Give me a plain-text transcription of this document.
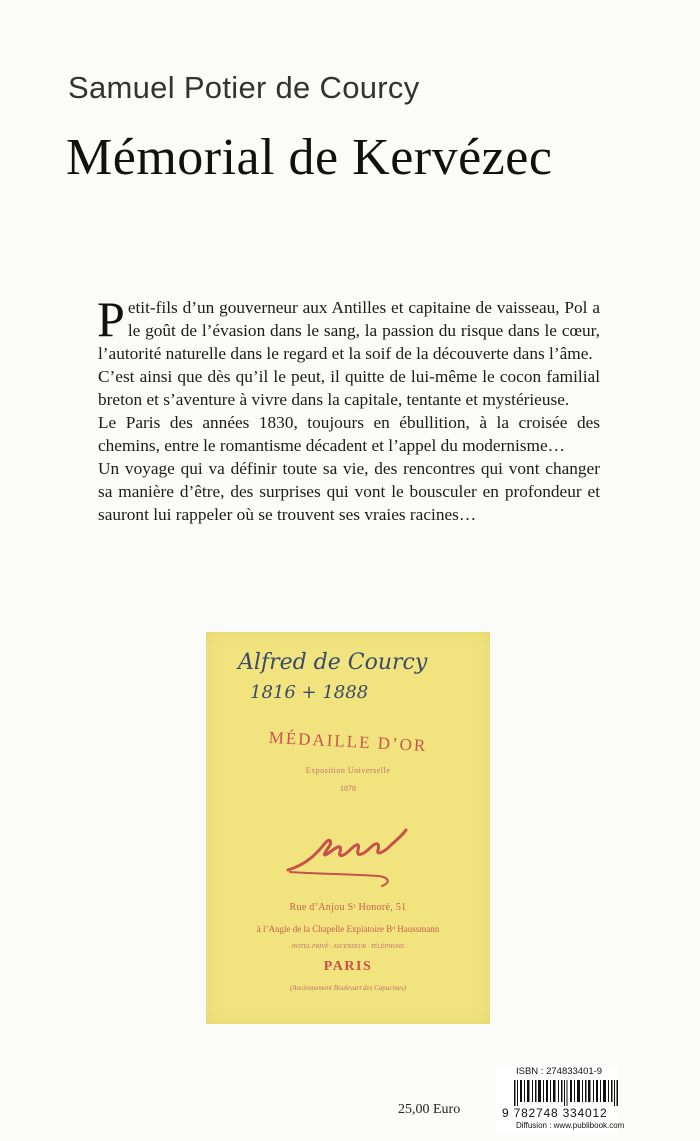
Samuel Potier de Courcy
Mémorial de Kervézec

Petit-fils d’un gouverneur aux Antilles et capitaine de vaisseau, Pol a le goût de l’évasion dans le sang, la passion du risque dans le cœur, l’autorité naturelle dans le regard et la soif de la découverte dans l’âme.

C’est ainsi que dès qu’il le peut, il quitte de lui-même le cocon familial breton et s’aventure à vivre dans la capitale, tentante et mystérieuse.

Le Paris des années 1830, toujours en ébullition, à la croisée des chemins, entre le romantisme décadent et l’appel du modernisme…

Un voyage qui va définir toute sa vie, des rencontres qui vont changer sa manière d’être, des surprises qui vont le bousculer en profondeur et sauront lui rappeler où se trouvent ses vraies racines…

Alfred de Courcy
1816 + 1888
MÉDAILLE D’OR
Exposition Universelle
1878
Rue d’Anjou Sᵗ Honoré, 51
à l’Angle de la Chapelle Expiatoire Bᵈ Haussmann
· HOTEL PRIVÉ · ASCENSEUR · TÉLÉPHONE ·
PARIS
(Anciennement Boulevart des Capucines)
25,00 Euro
ISBN : 274833401-9
9 782748 334012
Diffusion : www.publibook.com
